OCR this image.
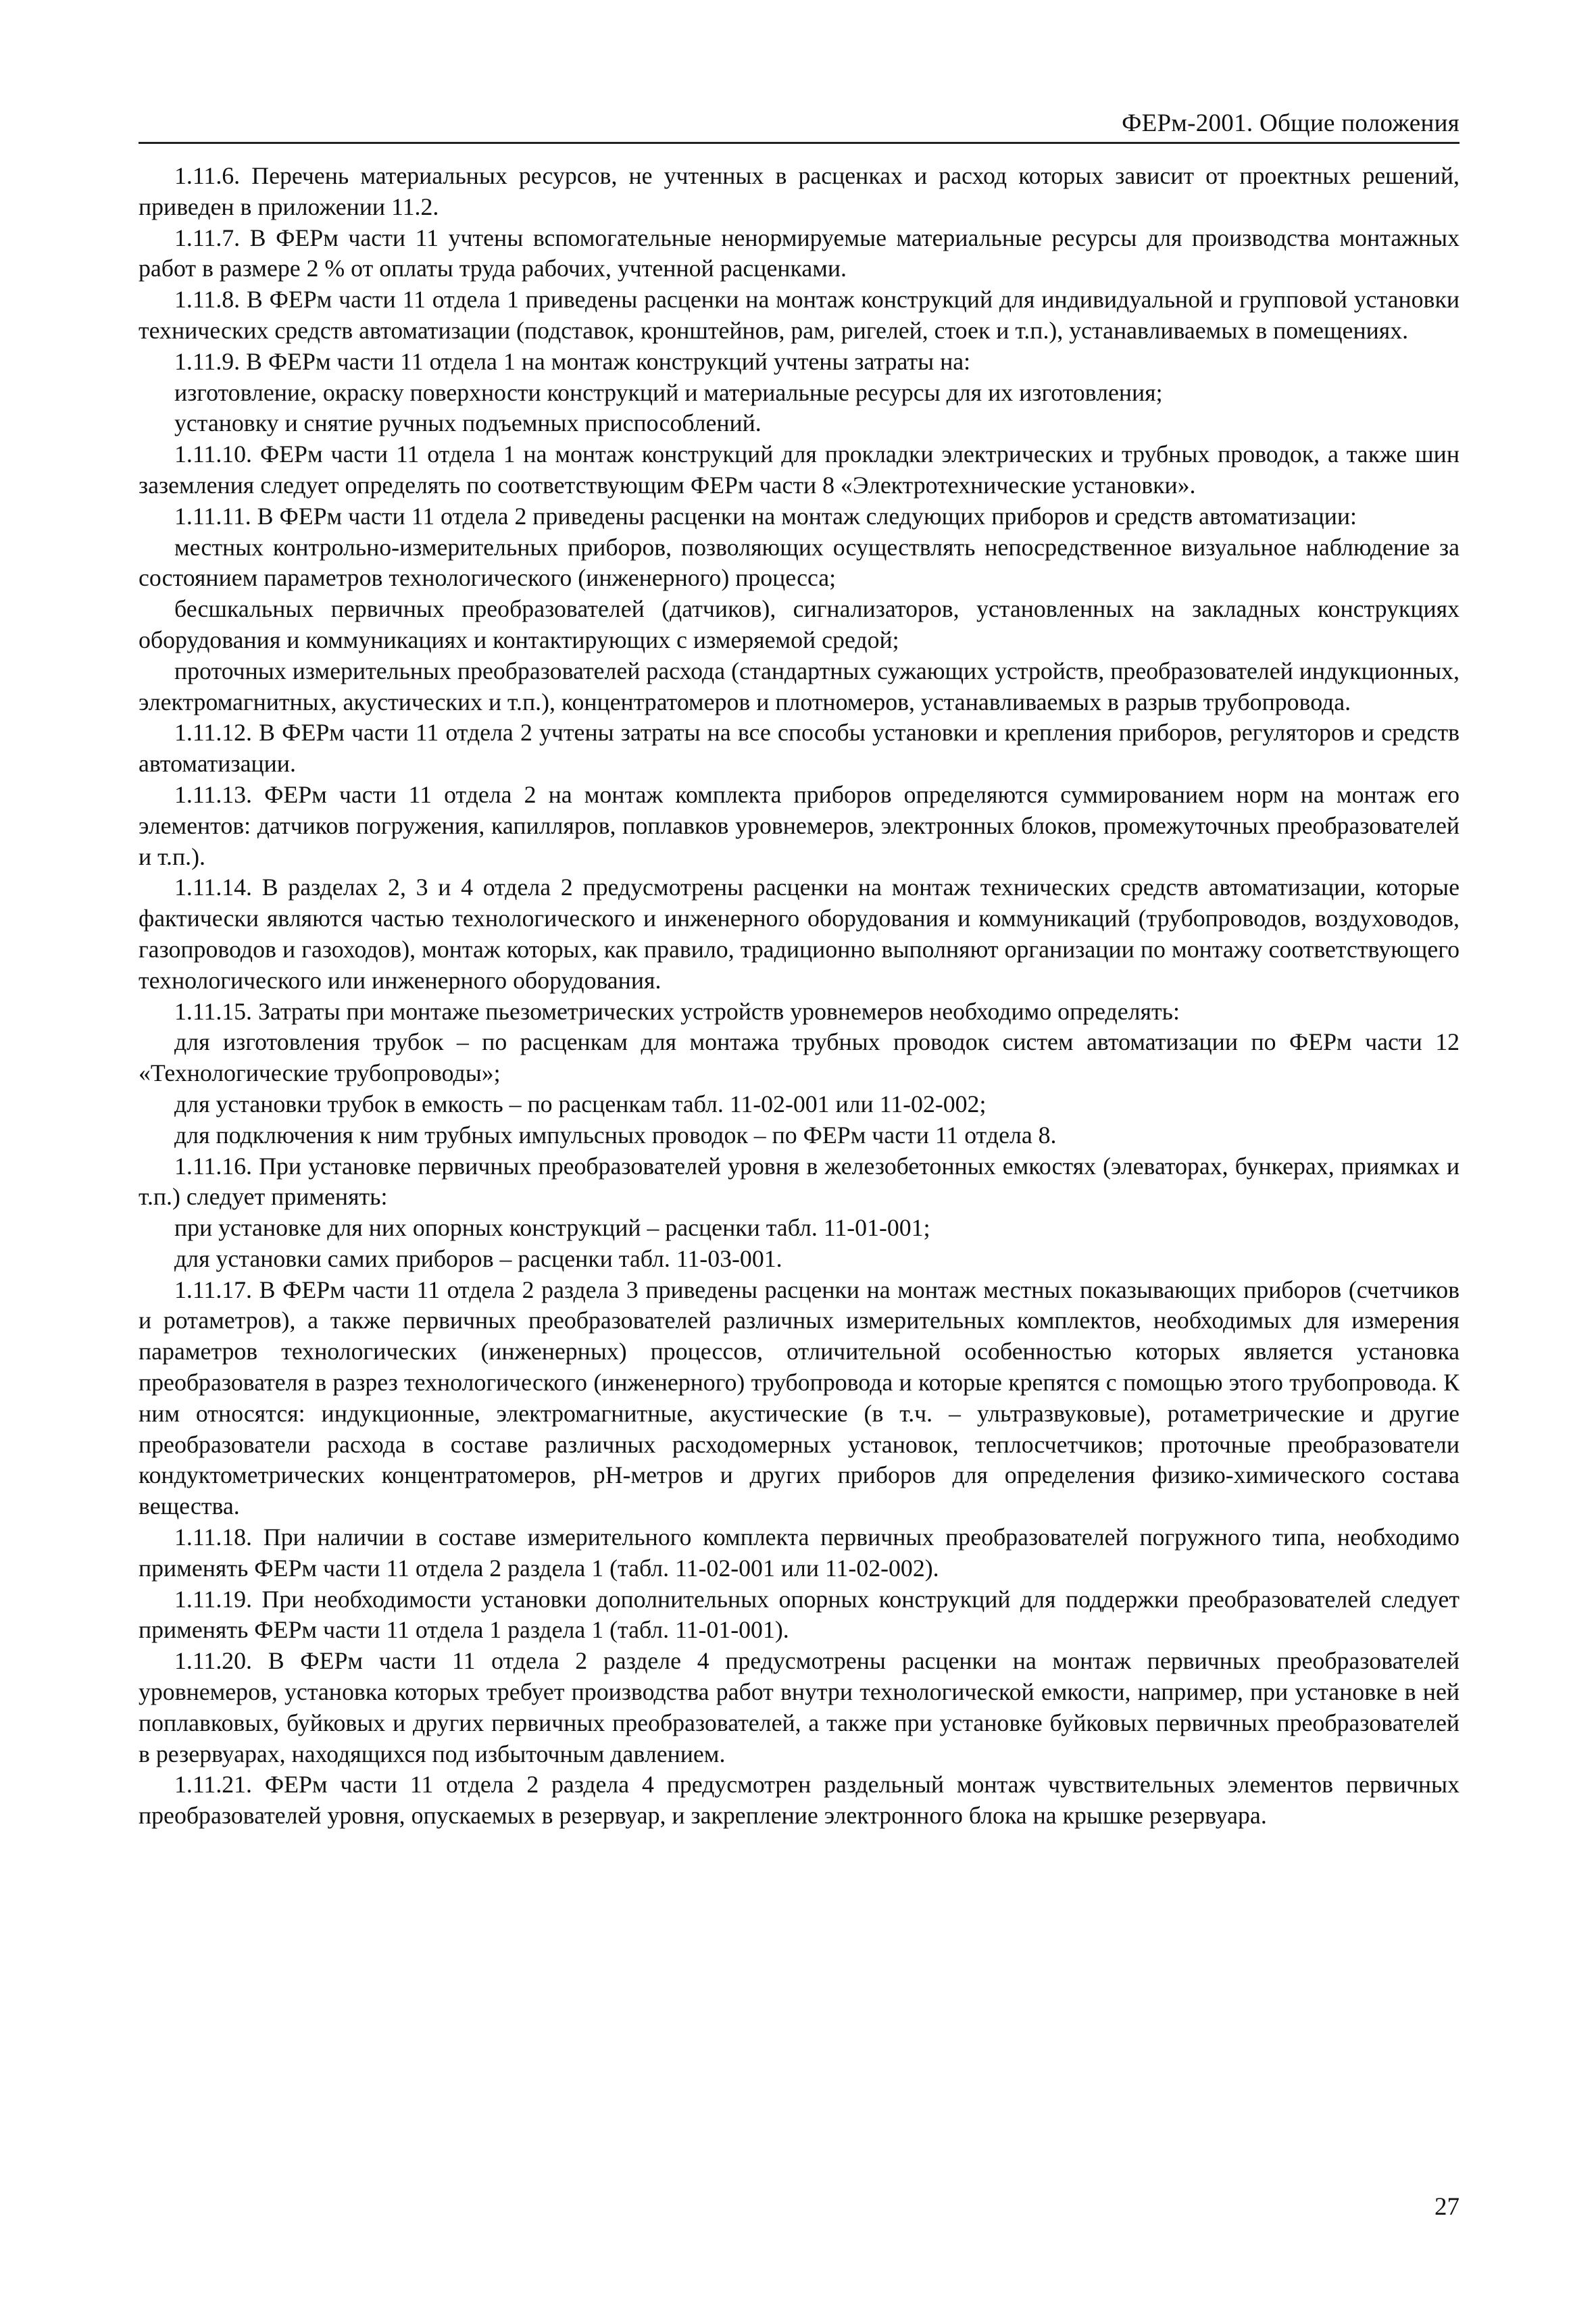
ФЕРм-2001. Общие положения

1.11.6. Перечень материальных ресурсов, не учтенных в расценках и расход которых зависит от проектных решений, приведен в приложении 11.2.

1.11.7. В ФЕРм части 11 учтены вспомогательные ненормируемые материальные ресурсы для производства монтажных работ в размере 2 % от оплаты труда рабочих, учтенной расценками.

1.11.8. В ФЕРм части 11 отдела 1 приведены расценки на монтаж конструкций для индивидуальной и групповой установки технических средств автоматизации (подставок, кронштейнов, рам, ригелей, стоек и т.п.), устанавливаемых в помещениях.

1.11.9. В ФЕРм части 11 отдела 1 на монтаж конструкций учтены затраты на:

изготовление, окраску поверхности конструкций и материальные ресурсы для их изготовления;

установку и снятие ручных подъемных приспособлений.

1.11.10. ФЕРм части 11 отдела 1 на монтаж конструкций для прокладки электрических и трубных проводок, а также шин заземления следует определять по соответствующим ФЕРм части 8 «Электротехнические установки».

1.11.11. В ФЕРм части 11 отдела 2 приведены расценки на монтаж следующих приборов и средств автоматизации:

местных контрольно-измерительных приборов, позволяющих осуществлять непосредственное визуальное наблюдение за состоянием параметров технологического (инженерного) процесса;

бесшкальных первичных преобразователей (датчиков), сигнализаторов, установленных на закладных конструкциях оборудования и коммуникациях и контактирующих с измеряемой средой;

проточных измерительных преобразователей расхода (стандартных сужающих устройств, преобразователей индукционных, электромагнитных, акустических и т.п.), концентратомеров и плотномеров, устанавливаемых в разрыв трубопровода.

1.11.12. В ФЕРм части 11 отдела 2 учтены затраты на все способы установки и крепления приборов, регуляторов и средств автоматизации.

1.11.13. ФЕРм части 11 отдела 2 на монтаж комплекта приборов определяются суммированием норм на монтаж его элементов: датчиков погружения, капилляров, поплавков уровнемеров, электронных блоков, промежуточных преобразователей и т.п.).

1.11.14. В разделах 2, 3 и 4 отдела 2 предусмотрены расценки на монтаж технических средств автоматизации, которые фактически являются частью технологического и инженерного оборудования и коммуникаций (трубопроводов, воздуховодов, газопроводов и газоходов), монтаж которых, как правило, традиционно выполняют организации по монтажу соответствующего технологического или инженерного оборудования.

1.11.15. Затраты при монтаже пьезометрических устройств уровнемеров необходимо определять:

для изготовления трубок – по расценкам для монтажа трубных проводок систем автоматизации по ФЕРм части 12 «Технологические трубопроводы»;

для установки трубок в емкость – по расценкам табл. 11-02-001 или 11-02-002;

для подключения к ним трубных импульсных проводок – по ФЕРм части 11 отдела 8.

1.11.16. При установке первичных преобразователей уровня в железобетонных емкостях (элеваторах, бункерах, приямках и т.п.) следует применять:

при установке для них опорных конструкций – расценки табл. 11-01-001;

для установки самих приборов – расценки табл. 11-03-001.

1.11.17. В ФЕРм части 11 отдела 2 раздела 3 приведены расценки на монтаж местных показывающих приборов (счетчиков и ротаметров), а также первичных преобразователей различных измерительных комплектов, необходимых для измерения параметров технологических (инженерных) процессов, отличительной особенностью которых является установка преобразователя в разрез технологического (инженерного) трубопровода и которые крепятся с помощью этого трубопровода. К ним относятся: индукционные, электромагнитные, акустические (в т.ч. – ультразвуковые), ротаметрические и другие преобразователи расхода в составе различных расходомерных установок, теплосчетчиков; проточные преобразователи кондуктометрических концентратомеров, рН-метров и других приборов для определения физико-химического состава вещества.

1.11.18. При наличии в составе измерительного комплекта первичных преобразователей погружного типа, необходимо применять ФЕРм части 11 отдела 2 раздела 1 (табл. 11-02-001 или 11-02-002).

1.11.19. При необходимости установки дополнительных опорных конструкций для поддержки преобразователей следует применять ФЕРм части 11 отдела 1 раздела 1 (табл. 11-01-001).

1.11.20. В ФЕРм части 11 отдела 2 разделе 4 предусмотрены расценки на монтаж первичных преобразователей уровнемеров, установка которых требует производства работ внутри технологической емкости, например, при установке в ней поплавковых, буйковых и других первичных преобразователей, а также при установке буйковых первичных преобразователей в резервуарах, находящихся под избыточным давлением.

1.11.21. ФЕРм части 11 отдела 2 раздела 4 предусмотрен раздельный монтаж чувствительных элементов первичных преобразователей уровня, опускаемых в резервуар, и закрепление электронного блока на крышке резервуара.

27
